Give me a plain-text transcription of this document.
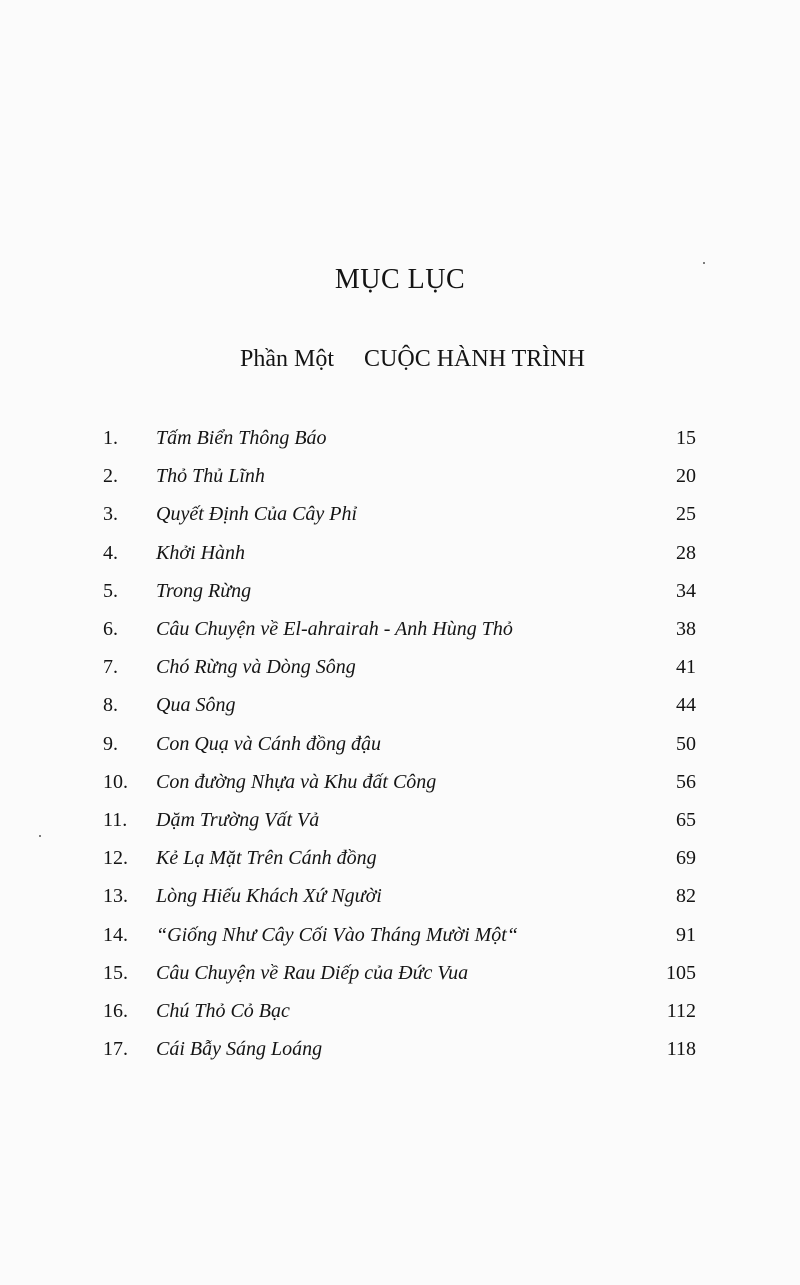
MỤC LỤC
Phần Một CUỘC HÀNH TRÌNH
1.	Tấm Biển Thông Báo	15
2.	Thỏ Thủ Lĩnh	20
3.	Quyết Định Của Cây Phỉ	25
4.	Khởi Hành	28
5.	Trong Rừng	34
6.	Câu Chuyện về El-ahrairah - Anh Hùng Thỏ	38
7.	Chó Rừng và Dòng Sông	41
8.	Qua Sông	44
9.	Con Quạ và Cánh đồng đậu	50
10.	Con đường Nhựa và Khu đất Công	56
11.	Dặm Trường Vất Vả	65
12.	Kẻ Lạ Mặt Trên Cánh đồng	69
13.	Lòng Hiếu Khách Xứ Người	82
14.	“Giống Như Cây Cối Vào Tháng Mười Một“	91
15.	Câu Chuyện về Rau Diếp của Đức Vua	105
16.	Chú Thỏ Cỏ Bạc	112
17.	Cái Bẫy Sáng Loáng	118
